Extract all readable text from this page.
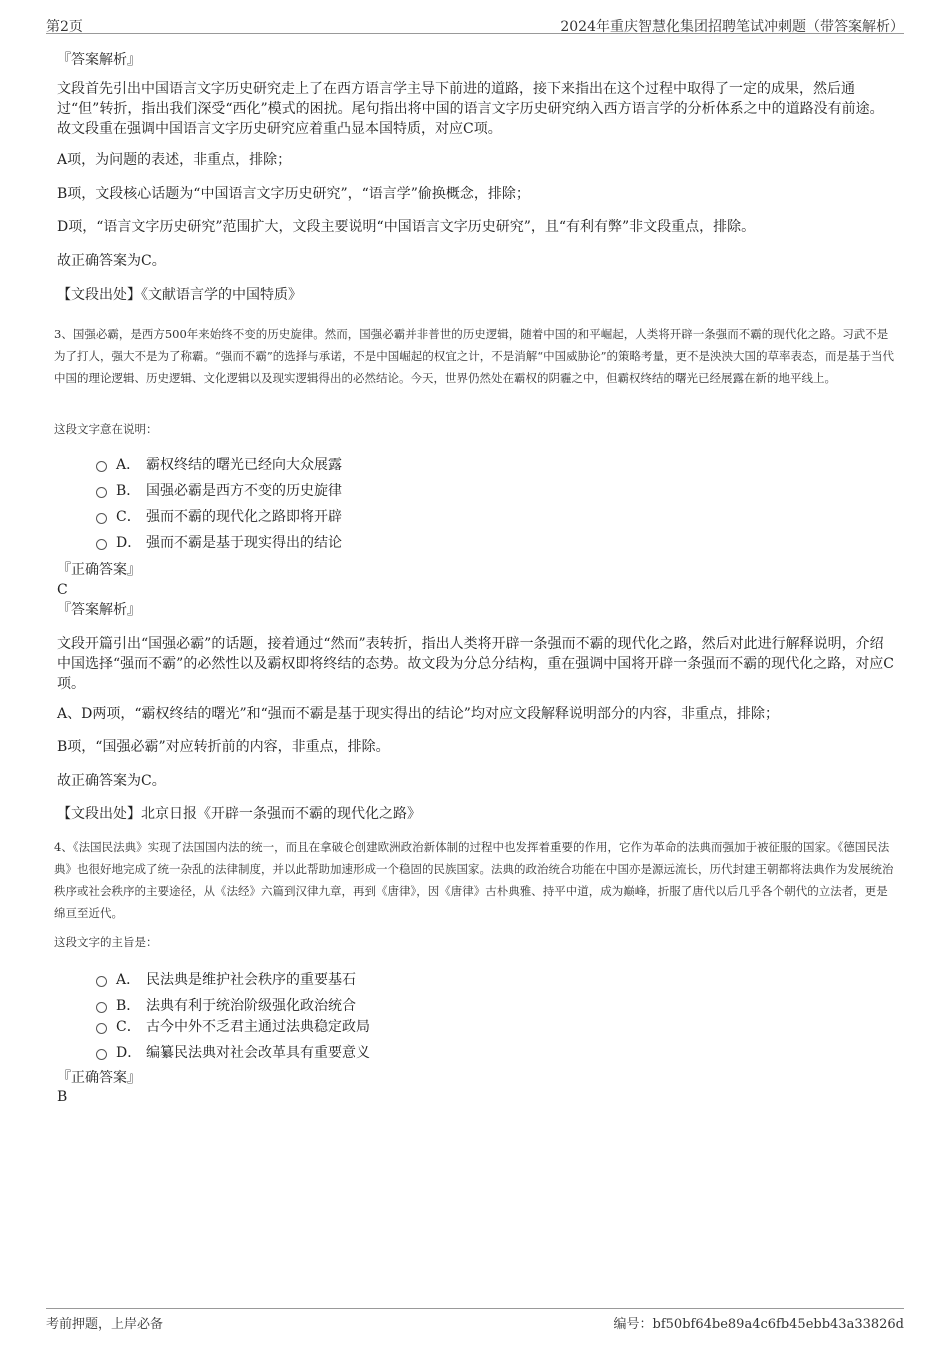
第2页	2024年重庆智慧化集团招聘笔试冲刺题（带答案解析）
『答案解析』
文段首先引出中国语言文字历史研究走上了在西方语言学主导下前进的道路，接下来指出在这个过程中取得了一定的成果，然后通过“但”转折，指出我们深受“西化”模式的困扰。尾句指出将中国的语言文字历史研究纳入西方语言学的分析体系之中的道路没有前途。故文段重在强调中国语言文字历史研究应着重凸显本国特质，对应C项。
A项，为问题的表述，非重点，排除；
B项，文段核心话题为“中国语言文字历史研究”，“语言学”偷换概念，排除；
D项，“语言文字历史研究”范围扩大，文段主要说明“中国语言文字历史研究”，且“有利有弊”非文段重点，排除。
故正确答案为C。
【文段出处】《文献语言学的中国特质》
3、国强必霸，是西方500年来始终不变的历史旋律。然而，国强必霸并非普世的历史逻辑，随着中国的和平崛起，人类将开辟一条强而不霸的现代化之路。习武不是为了打人，强大不是为了称霸。“强而不霸”的选择与承诺，不是中国崛起的权宜之计，不是消解“中国威胁论”的策略考量，更不是泱泱大国的草率表态，而是基于当代中国的理论逻辑、历史逻辑、文化逻辑以及现实逻辑得出的必然结论。今天，世界仍然处在霸权的阴霾之中，但霸权终结的曙光已经展露在新的地平线上。
这段文字意在说明：
A． 霸权终结的曙光已经向大众展露
B． 国强必霸是西方不变的历史旋律
C． 强而不霸的现代化之路即将开辟
D． 强而不霸是基于现实得出的结论
『正确答案』
C
『答案解析』
文段开篇引出“国强必霸”的话题，接着通过“然而”表转折，指出人类将开辟一条强而不霸的现代化之路，然后对此进行解释说明，介绍中国选择“强而不霸”的必然性以及霸权即将终结的态势。故文段为分总分结构，重在强调中国将开辟一条强而不霸的现代化之路，对应C项。
A、D两项，“霸权终结的曙光”和“强而不霸是基于现实得出的结论”均对应文段解释说明部分的内容，非重点，排除；
B项，“国强必霸”对应转折前的内容，非重点，排除。
故正确答案为C。
【文段出处】北京日报《开辟一条强而不霸的现代化之路》
4、《法国民法典》实现了法国国内法的统一，而且在拿破仑创建欧洲政治新体制的过程中也发挥着重要的作用，它作为革命的法典而强加于被征服的国家。《德国民法典》也很好地完成了统一杂乱的法律制度，并以此帮助加速形成一个稳固的民族国家。法典的政治统合功能在中国亦是源远流长，历代封建王朝都将法典作为发展统治秩序或社会秩序的主要途径，从《法经》六篇到汉律九章，再到《唐律》，因《唐律》古朴典雅、持平中道，成为巅峰，折服了唐代以后几乎各个朝代的立法者，更是绵亘至近代。
这段文字的主旨是：
A． 民法典是维护社会秩序的重要基石
B． 法典有利于统治阶级强化政治统合
C． 古今中外不乏君主通过法典稳定政局
D． 编纂民法典对社会改革具有重要意义
『正确答案』
B
考前押题，上岸必备	编号：bf50bf64be89a4c6fb45ebb43a33826d
